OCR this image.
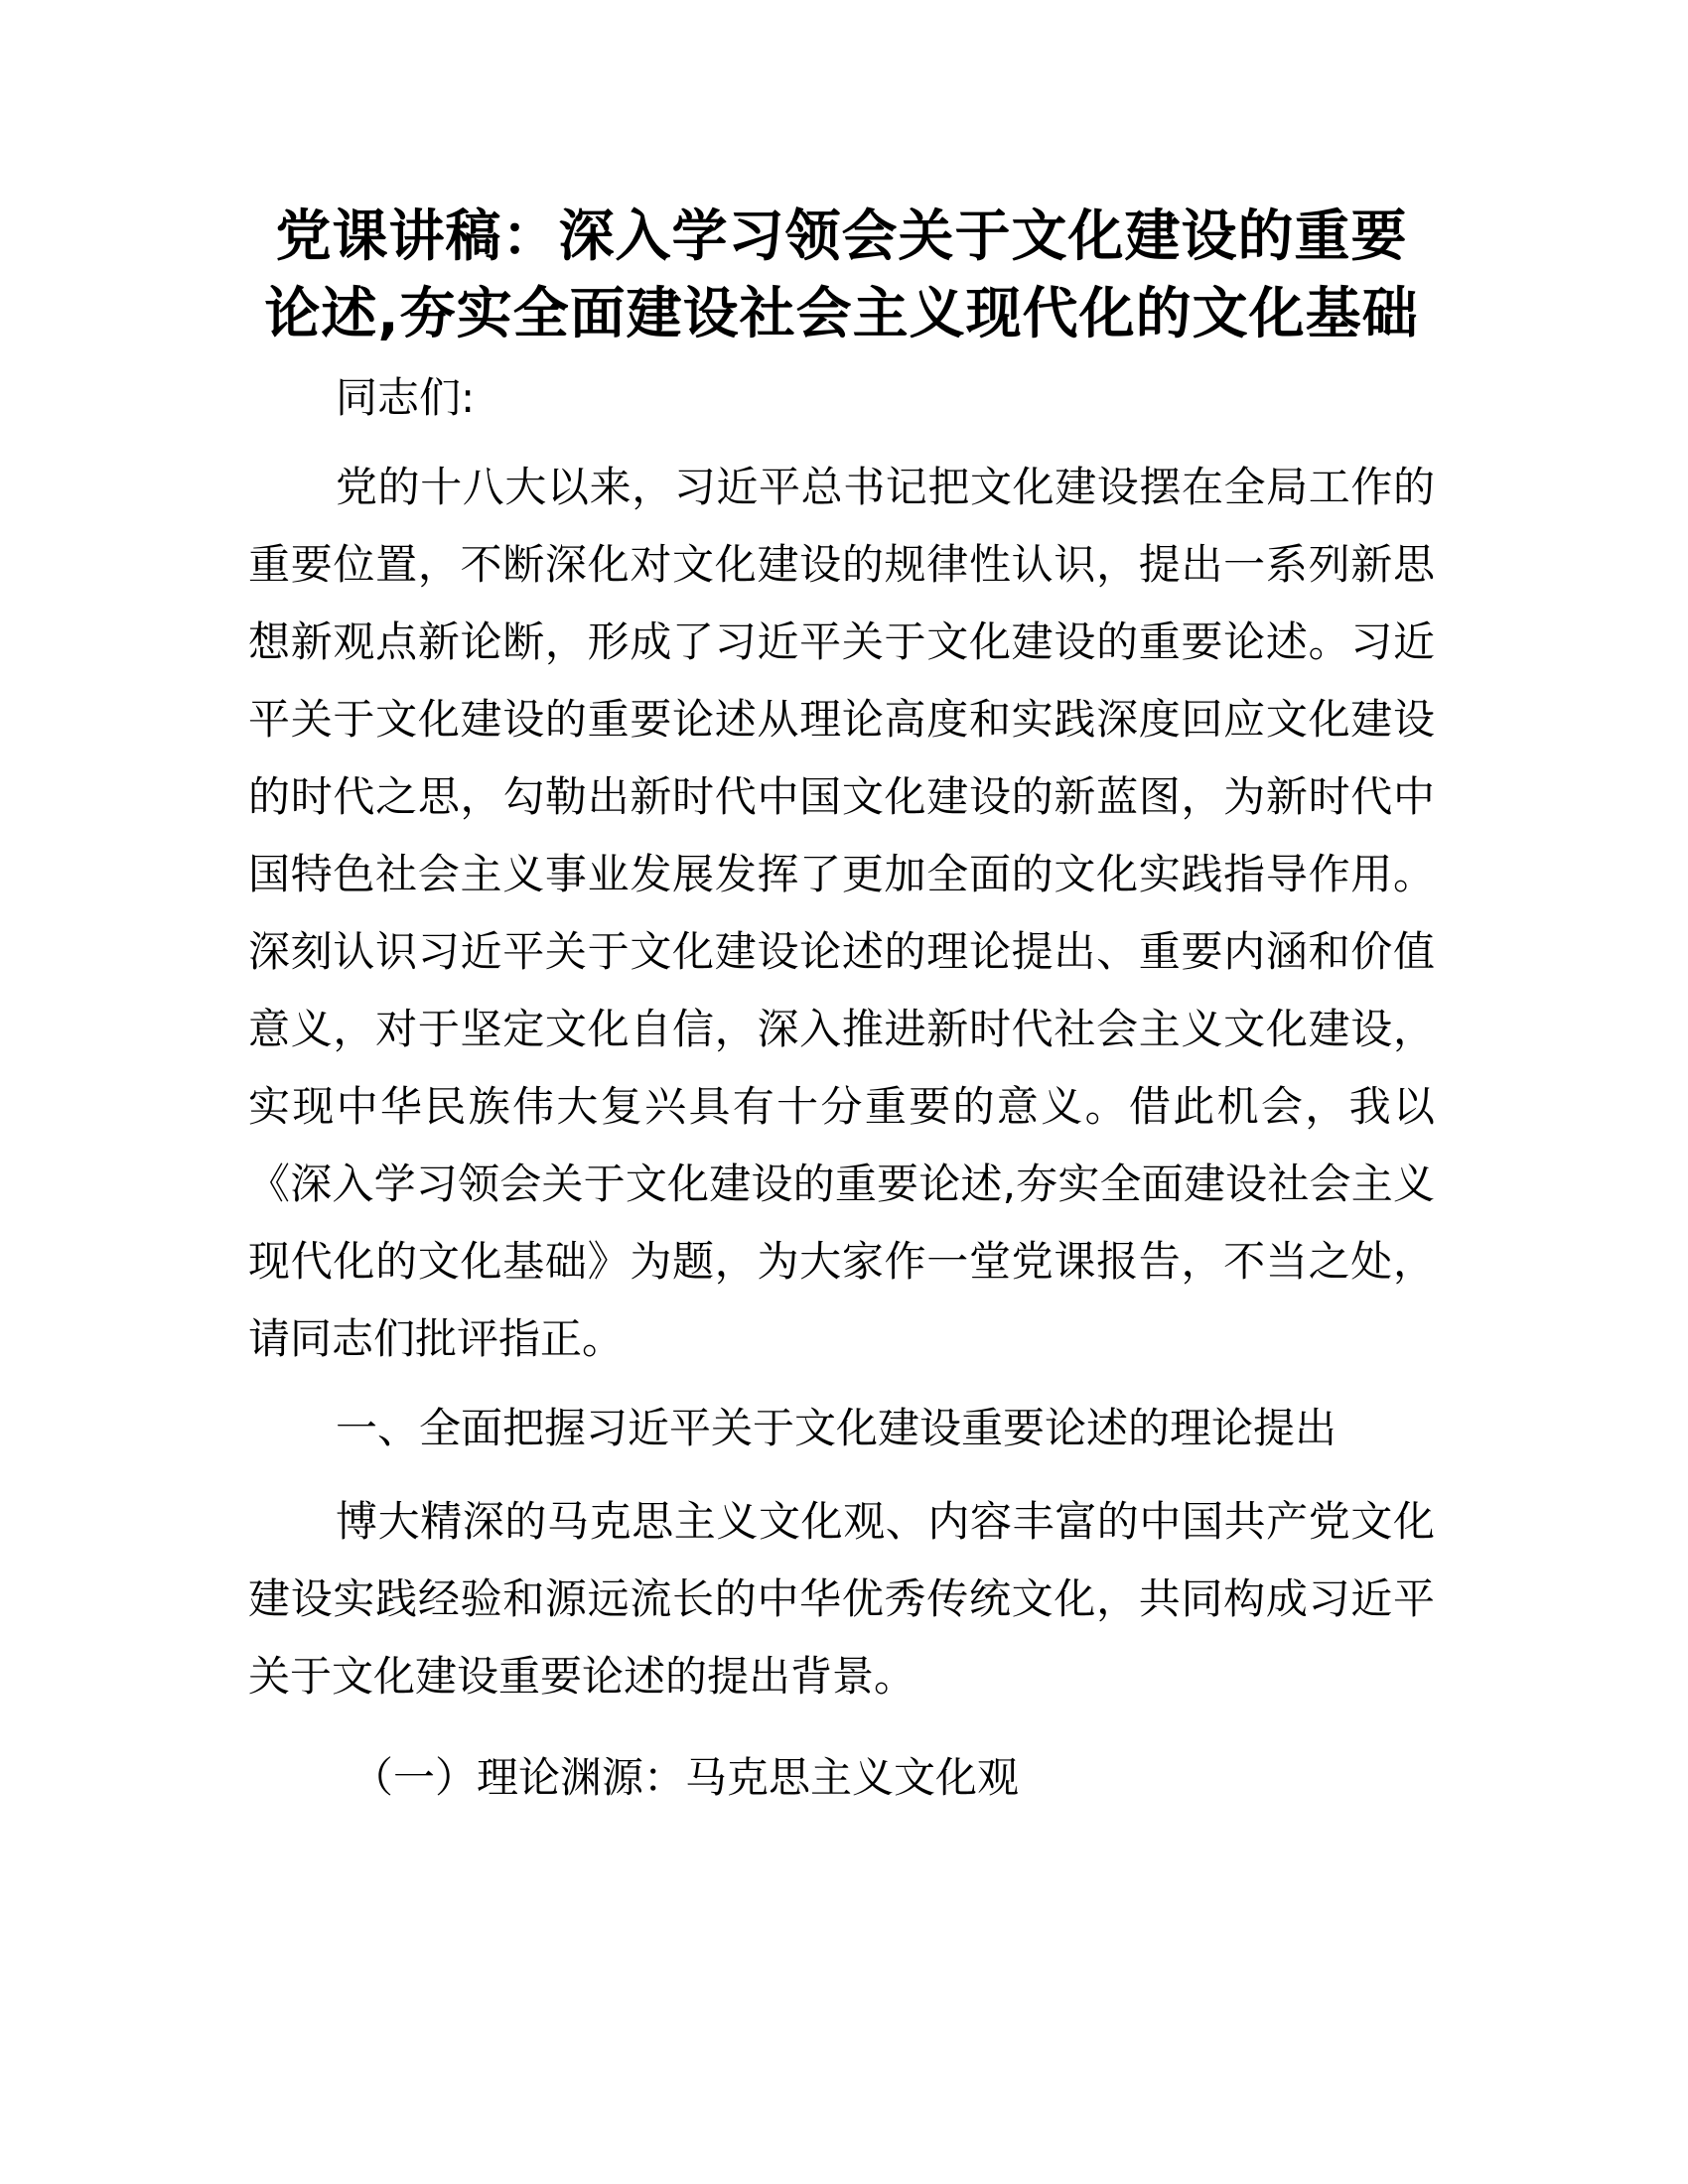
党课讲稿：深入学习领会关于文化建设的重要
论述,夯实全面建设社会主义现代化的文化基础

同志们:

党的十八大以来，习近平总书记把文化建设摆在全局工作的重要位置，不断深化对文化建设的规律性认识，提出一系列新思想新观点新论断，形成了习近平关于文化建设的重要论述。习近平关于文化建设的重要论述从理论高度和实践深度回应文化建设的时代之思，勾勒出新时代中国文化建设的新蓝图，为新时代中国特色社会主义事业发展发挥了更加全面的文化实践指导作用。深刻认识习近平关于文化建设论述的理论提出、重要内涵和价值意义，对于坚定文化自信，深入推进新时代社会主义文化建设，实现中华民族伟大复兴具有十分重要的意义。借此机会，我以《深入学习领会关于文化建设的重要论述,夯实全面建设社会主义现代化的文化基础》为题，为大家作一堂党课报告，不当之处，请同志们批评指正。

一、全面把握习近平关于文化建设重要论述的理论提出

博大精深的马克思主义文化观、内容丰富的中国共产党文化建设实践经验和源远流长的中华优秀传统文化，共同构成习近平关于文化建设重要论述的提出背景。

（一）理论渊源：马克思主义文化观
